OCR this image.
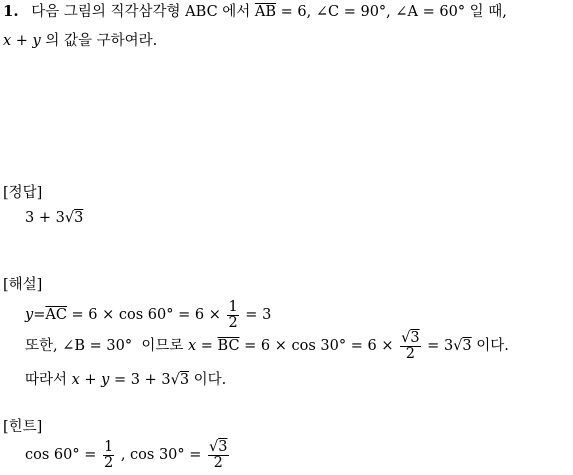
1. 다음 그림의 직각삼각형 ABC 에서 $\overline{AB} = 6$, ∠C = 90°, ∠A = 60° 일 때,
x + y 의 값을 구하여라.
[정답]
3 + 3√3
[해설]
$y = \overline{AC} = 6 \times \cos 60^\circ = 6 \times \frac{1}{2} = 3$
또한, ∠B = 30°  이므로 $x = \overline{BC} = 6 \times \cos 30^\circ = 6 \times \frac{√3}{2} = 3$ √ 3 이다.
따라서 x + y = 3 + 3√3 이다.
[힌트]
$\cos 60^\circ = \frac{1}{2}$ , $\cos 30^\circ = \frac{√3}{2}$
